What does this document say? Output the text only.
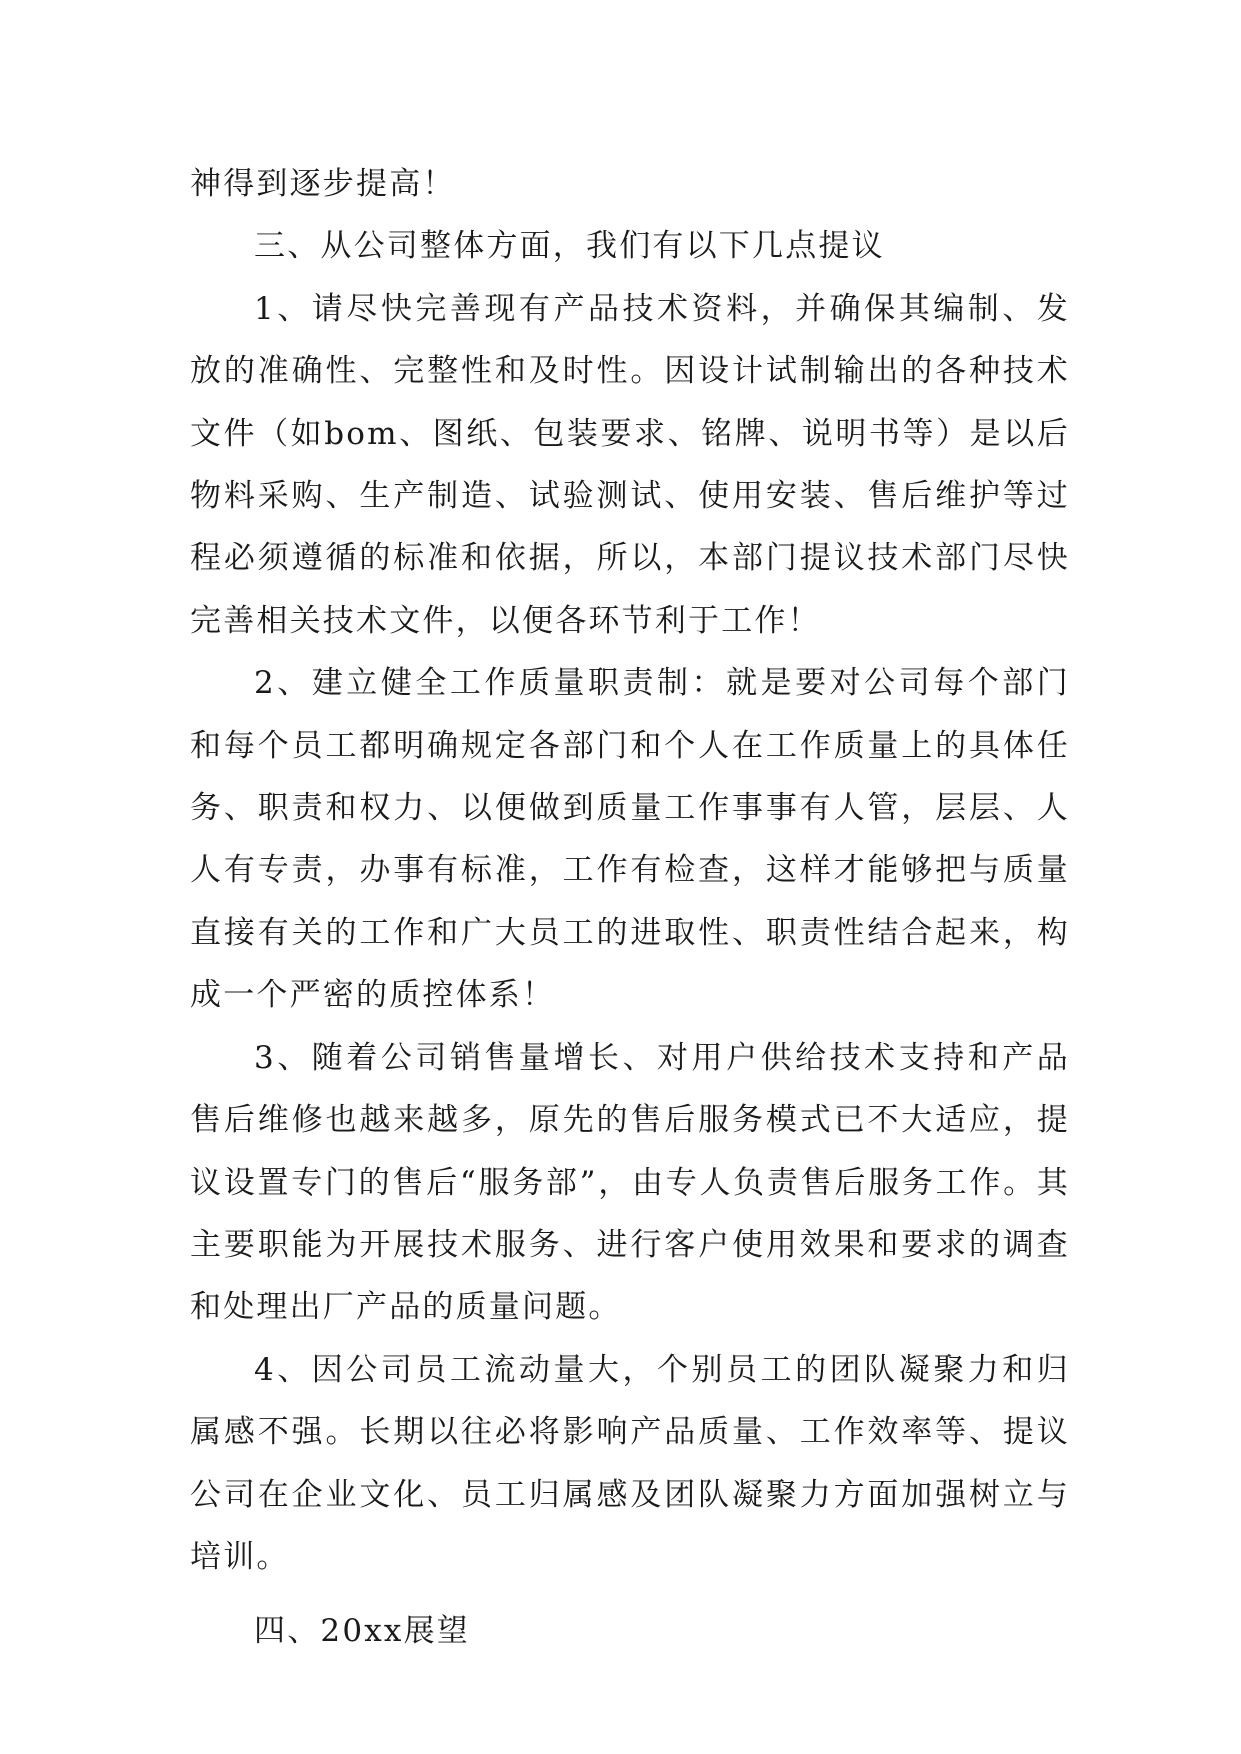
神得到逐步提高！

三、从公司整体方面，我们有以下几点提议

1、请尽快完善现有产品技术资料，并确保其编制、发放的准确性、完整性和及时性。因设计试制输出的各种技术文件（如bom、图纸、包装要求、铭牌、说明书等）是以后物料采购、生产制造、试验测试、使用安装、售后维护等过程必须遵循的标准和依据，所以，本部门提议技术部门尽快完善相关技术文件，以便各环节利于工作！

2、建立健全工作质量职责制：就是要对公司每个部门和每个员工都明确规定各部门和个人在工作质量上的具体任务、职责和权力、以便做到质量工作事事有人管，层层、人人有专责，办事有标准，工作有检查，这样才能够把与质量直接有关的工作和广大员工的进取性、职责性结合起来，构成一个严密的质控体系！

3、随着公司销售量增长、对用户供给技术支持和产品售后维修也越来越多，原先的售后服务模式已不大适应，提议设置专门的售后“服务部”，由专人负责售后服务工作。其主要职能为开展技术服务、进行客户使用效果和要求的调查和处理出厂产品的质量问题。

4、因公司员工流动量大，个别员工的团队凝聚力和归属感不强。长期以往必将影响产品质量、工作效率等、提议公司在企业文化、员工归属感及团队凝聚力方面加强树立与培训。

四、20xx展望
